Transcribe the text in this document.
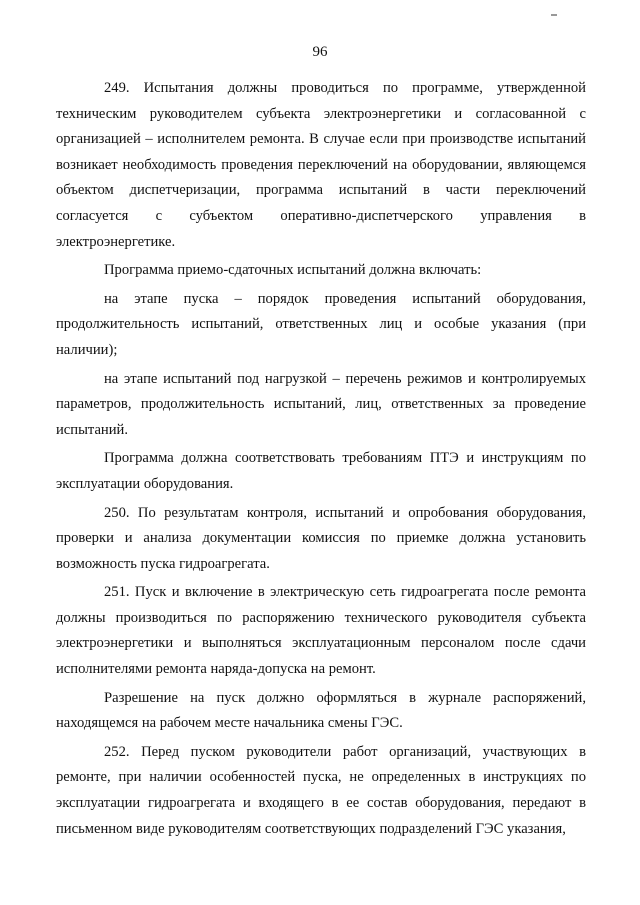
96

249. Испытания должны проводиться по программе, утвержденной техническим руководителем субъекта электроэнергетики и согласованной с организацией – исполнителем ремонта. В случае если при производстве испытаний возникает необходимость проведения переключений на оборудовании, являющемся объектом диспетчеризации, программа испытаний в части переключений согласуется с субъектом оперативно-диспетчерского управления в электроэнергетике.

Программа приемо-сдаточных испытаний должна включать:

на этапе пуска – порядок проведения испытаний оборудования, продолжительность испытаний, ответственных лиц и особые указания (при наличии);

на этапе испытаний под нагрузкой – перечень режимов и контролируемых параметров, продолжительность испытаний, лиц, ответственных за проведение испытаний.

Программа должна соответствовать требованиям ПТЭ и инструкциям по эксплуатации оборудования.

250. По результатам контроля, испытаний и опробования оборудования, проверки и анализа документации комиссия по приемке должна установить возможность пуска гидроагрегата.

251. Пуск и включение в электрическую сеть гидроагрегата после ремонта должны производиться по распоряжению технического руководителя субъекта электроэнергетики и выполняться эксплуатационным персоналом после сдачи исполнителями ремонта наряда-допуска на ремонт.

Разрешение на пуск должно оформляться в журнале распоряжений, находящемся на рабочем месте начальника смены ГЭС.

252. Перед пуском руководители работ организаций, участвующих в ремонте, при наличии особенностей пуска, не определенных в инструкциях по эксплуатации гидроагрегата и входящего в ее состав оборудования, передают в письменном виде руководителям соответствующих подразделений ГЭС указания,
